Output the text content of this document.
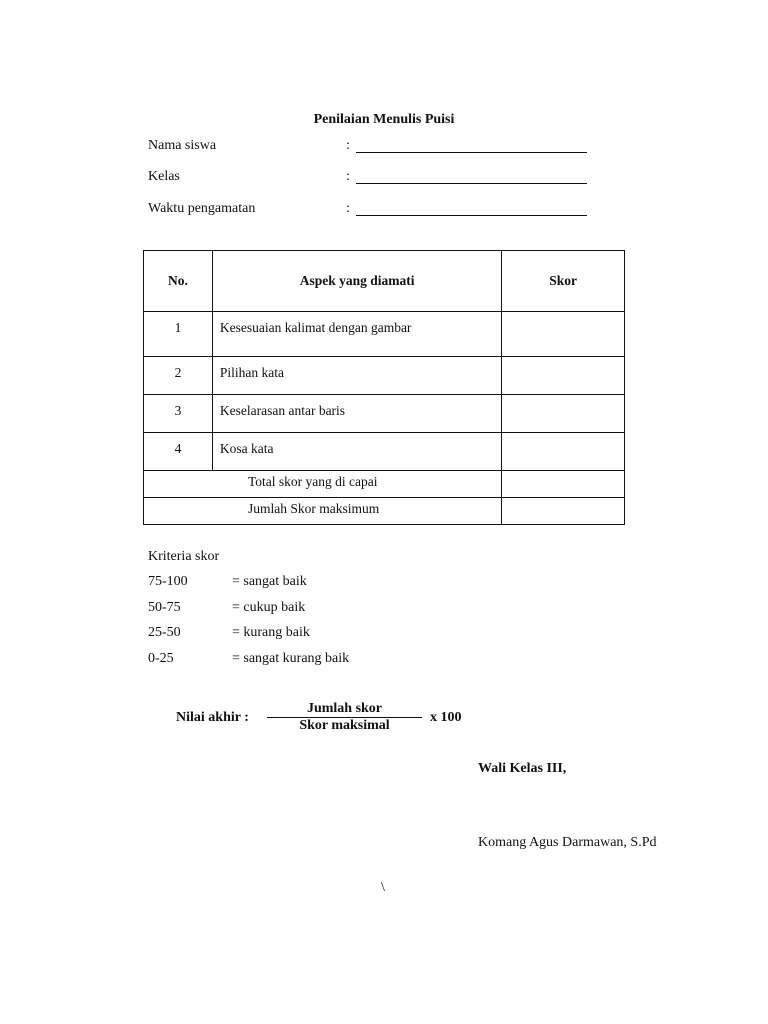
Penilaian Menulis Puisi
Nama siswa	:
Kelas	:
Waktu pengamatan	:
No.	Aspek yang diamati	Skor
1	Kesesuaian kalimat dengan gambar	
2	Pilihan kata	
3	Keselarasan antar baris	
4	Kosa kata	
Total skor yang di capai		
Jumlah Skor maksimum		
Kriteria skor
75-100	= sangat baik
50-75	= cukup baik
25-50	= kurang baik
0-25	= sangat kurang baik
Nilai akhir :
Jumlah skor
Skor maksimal
x 100
Wali Kelas III,
Komang Agus Darmawan, S.Pd
\
